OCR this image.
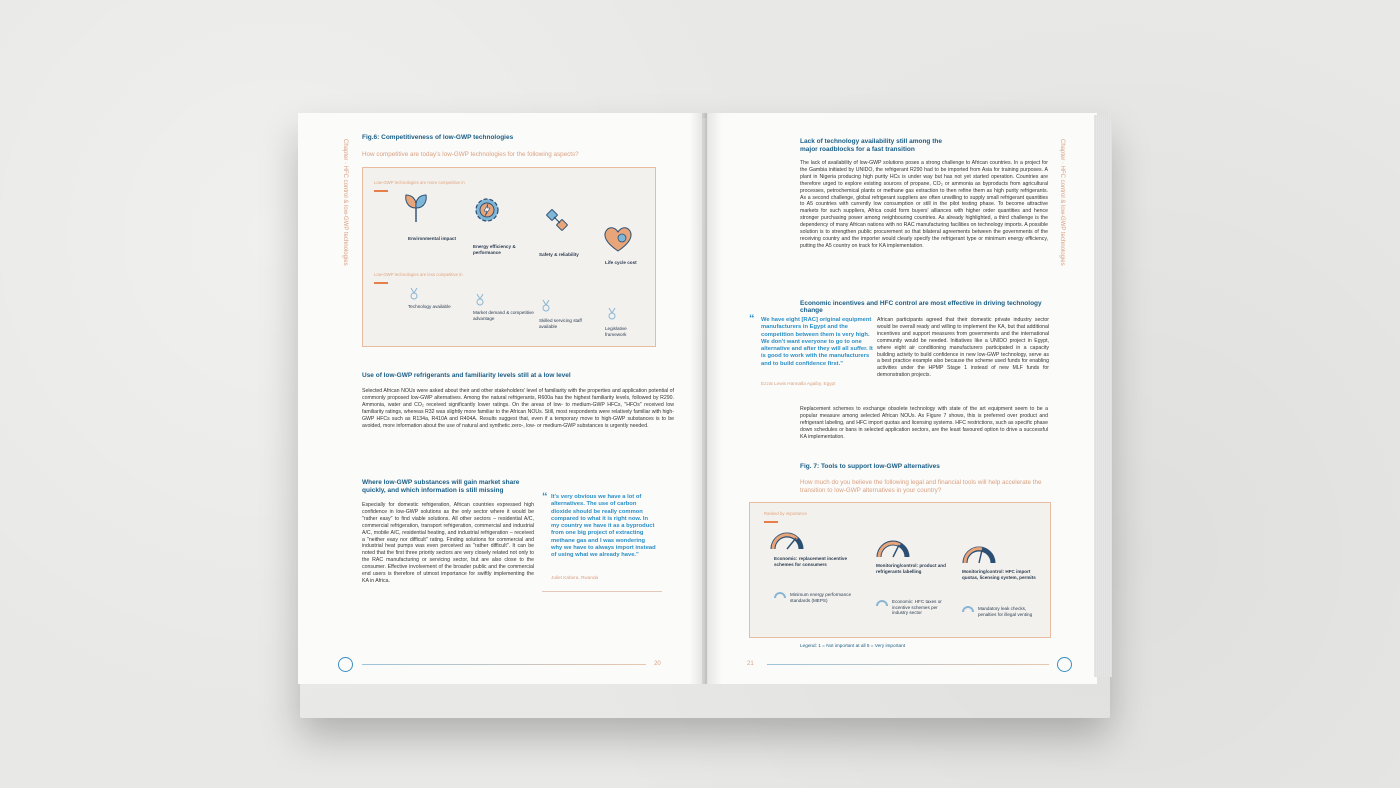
Chapter · HFC control & low-GWP technologies

Fig.6: Competitiveness of low-GWP technologies

How competitive are today's low-GWP technologies for the following aspects?

Low-GWP technologies are more competitive in
Environmental impact
Energy efficiency & performance	Safety & reliability
Life cycle cost
Low-GWP technologies are less competitive in
Technology available
Market demand & competitive advantage	Skilled servicing staff available	Legislative framework

Use of low-GWP refrigerants and familiarity levels still at a low level

Selected African NOUs were asked about their and other stakeholders' level of familiarity with the properties and application potential of commonly proposed low-GWP alternatives. Among the natural refrigerants, R600a has the highest familiarity levels, followed by R290. Ammonia, water and CO₂ received significantly lower ratings. On the areas of low- to medium-GWP HFCs, "HFOs" received low familiarity ratings, whereas R32 was slightly more familiar to the African NOUs. Still, most respondents were relatively familiar with high-GWP HFCs such as R134a, R410A and R404A. Results suggest that, even if a temporary move to high-GWP substances is to be avoided, more information about the use of natural and synthetic zero-, low- or medium-GWP substances is urgently needed.

Where low-GWP substances will gain market share quickly, and which information is still missing

Especially for domestic refrigeration, African countries expressed high confidence in low-GWP solutions as the only sector where it would be "rather easy" to find viable solutions. All other sectors – residential A/C, commercial refrigeration, transport refrigeration, commercial and industrial A/C, mobile A/C, residential heating, and industrial refrigeration – received a "neither easy nor difficult" rating. Finding solutions for commercial and industrial heat pumps was even perceived as "rather difficult". It can be noted that the first three priority sectors are very closely related not only to the RAC manufacturing or servicing sector, but are also close to the consumer. Effective involvement of the broader public and the commercial end users is therefore of utmost importance for swiftly implementing the KA in Africa.

“ It's very obvious we have a lot of alternatives. The use of carbon dioxide should be really common compared to what it is right now. In my country we have it as a byproduct from one big project of extracting methane gas and I was wondering why we have to always import instead of using what we already have."

Juliet Kabera, Rwanda

20
Chapter · HFC control & low-GWP technologies

Lack of technology availability still among the major roadblocks for a fast transition

The lack of availability of low-GWP solutions poses a strong challenge to African countries. In a project for the Gambia initiated by UNIDO, the refrigerant R290 had to be imported from Asia for training purposes. A plant in Nigeria producing high purity HCs is under way but has not yet started operation. Countries are therefore urged to explore existing sources of propane, CO₂ or ammonia as byproducts from agricultural processes, petrochemical plants or methane gas extraction to then refine them as high purity refrigerants. As a second challenge, global refrigerant suppliers are often unwilling to supply small refrigerant quantities to A5 countries with currently low consumption or still in the pilot testing phase. To become attractive markets for such suppliers, Africa could form buyers' alliances with higher order quantities and hence stronger purchasing power among neighbouring countries. As already highlighted, a third challenge is the dependency of many African nations with no RAC manufacturing facilities on technology imports. A possible solution is to strengthen public procurement so that bilateral agreements between the governments of the receiving country and the importer would clearly specify the refrigerant type or minimum energy efficiency, putting the A5 country on track for KA implementation.

Economic incentives and HFC control are most effective in driving technology change

“ We have eight [RAC] original equipment manufacturers in Egypt and the competition between them is very high. We don't want everyone to go to one alternative and after they will all suffer. It is good to work with the manufacturers and to build confidence first."

Ezzat Lewis Hannalla Agaiby, Egypt

African participants agreed that their domestic private industry sector would be overall ready and willing to implement the KA, but that additional incentives and support measures from governments and the international community would be needed. Initiatives like a UNIDO project in Egypt, where eight air conditioning manufacturers participated in a capacity building activity to build confidence in new low-GWP technology, serve as a best practice example also because the scheme used funds for enabling activities under the HPMP Stage 1 instead of new MLF funds for demonstration projects.

Replacement schemes to exchange obsolete technology with state of the art equipment seem to be a popular measure among selected African NOUs. As Figure 7 shows, this is preferred over product and refrigerant labeling, and HFC import quotas and licensing systems. HFC restrictions, such as specific phase down schedules or bans in selected application sectors, are the least favoured option to drive a successful KA implementation.

Fig. 7: Tools to support low-GWP alternatives

How much do you believe the following legal and financial tools will help accelerate the transition to low-GWP alternatives in your country?

Ranked by importance
Economic: replacement incentive schemes for consumers	Monitoring/control: product and refrigerants labelling	Monitoring/control: HFC import quotas, licensing system, permits
Minimum energy performance standards (MEPS)	Economic: HFC taxes or incentive schemes per industry sector
Mandatory leak checks, penalties for illegal venting

Legend: 1 = Not important at all 5 = Very important

21
